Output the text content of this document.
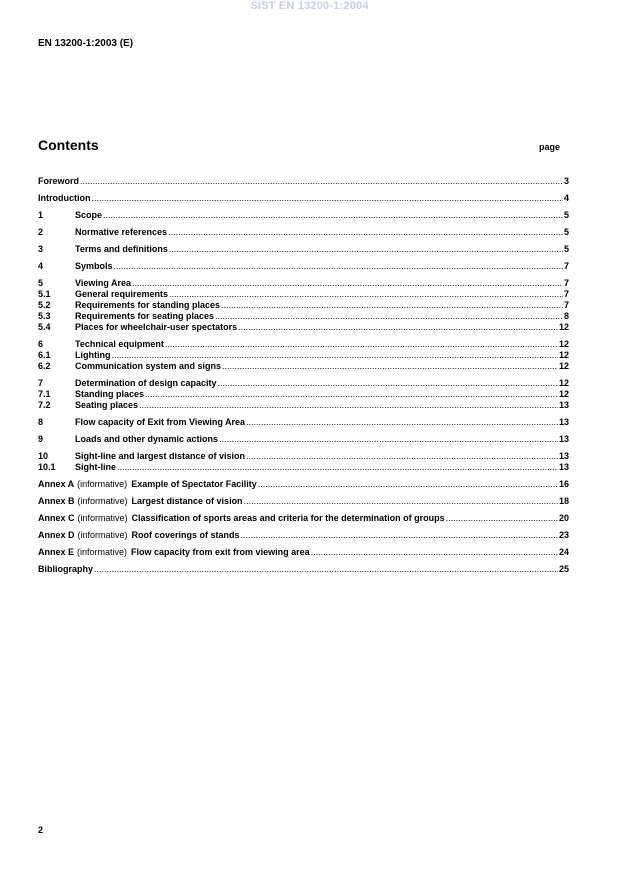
SIST EN 13200-1:2004
EN 13200-1:2003 (E)
Contents	page
Foreword .....	3
Introduction .....	4
1	Scope .....	5
2	Normative references .....	5
3	Terms and definitions .....	5
4	Symbols .....	7
5	Viewing Area .....	7
5.1	General requirements .....	7
5.2	Requirements for standing places .....	7
5.3	Requirements for seating places .....	8
5.4	Places for wheelchair-user spectators .....	12
6	Technical equipment .....	12
6.1	Lighting .....	12
6.2	Communication system and signs .....	12
7	Determination of design capacity .....	12
7.1	Standing places .....	12
7.2	Seating places .....	13
8	Flow capacity of Exit from Viewing Area .....	13
9	Loads and other dynamic actions .....	13
10	Sight-line and largest distance of vision .....	13
10.1	Sight-line .....	13
Annex A (informative) Example of Spectator Facility .....	16
Annex B (informative) Largest distance of vision .....	18
Annex C (informative) Classification of sports areas and criteria for the determination of groups .....	20
Annex D (informative) Roof coverings of stands .....	23
Annex E (informative) Flow capacity from exit from viewing area .....	24
Bibliography .....	25
2
